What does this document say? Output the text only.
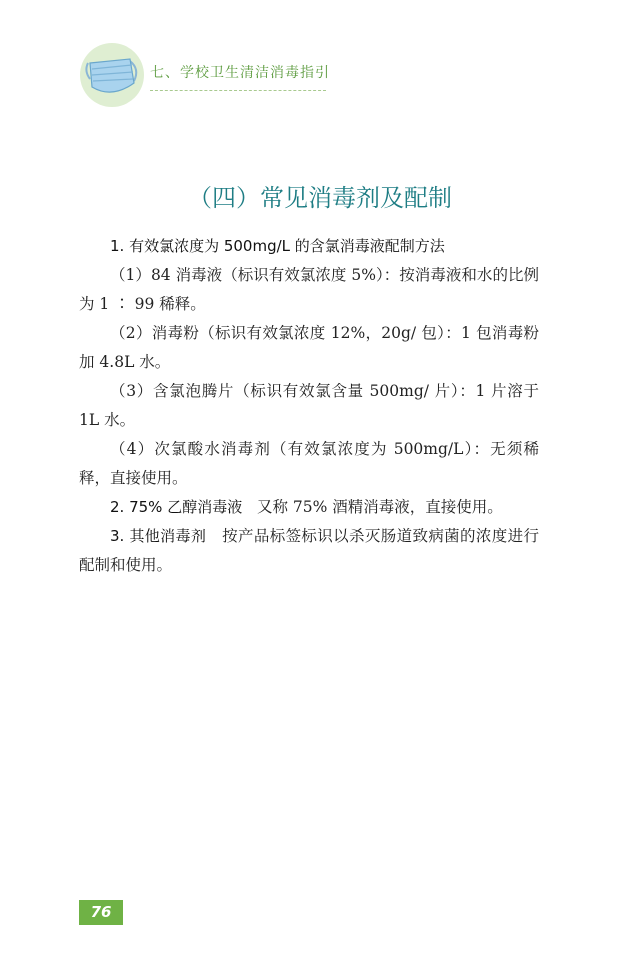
七、学校卫生清洁消毒指引
（四）常见消毒剂及配制

1. 有效氯浓度为 500mg/L 的含氯消毒液配制方法

（1）84 消毒液（标识有效氯浓度 5%）：按消毒液和水的比例为 1 ∶ 99 稀释。

（2）消毒粉（标识有效氯浓度 12%，20g/ 包）：1 包消毒粉加 4.8L 水。

（3）含氯泡腾片（标识有效氯含量 500mg/ 片）：1 片溶于 1L 水。

（4）次氯酸水消毒剂（有效氯浓度为 500mg/L）：无须稀释，直接使用。

2. 75% 乙醇消毒液 又称 75% 酒精消毒液，直接使用。

3. 其他消毒剂 按产品标签标识以杀灭肠道致病菌的浓度进行配制和使用。

76
